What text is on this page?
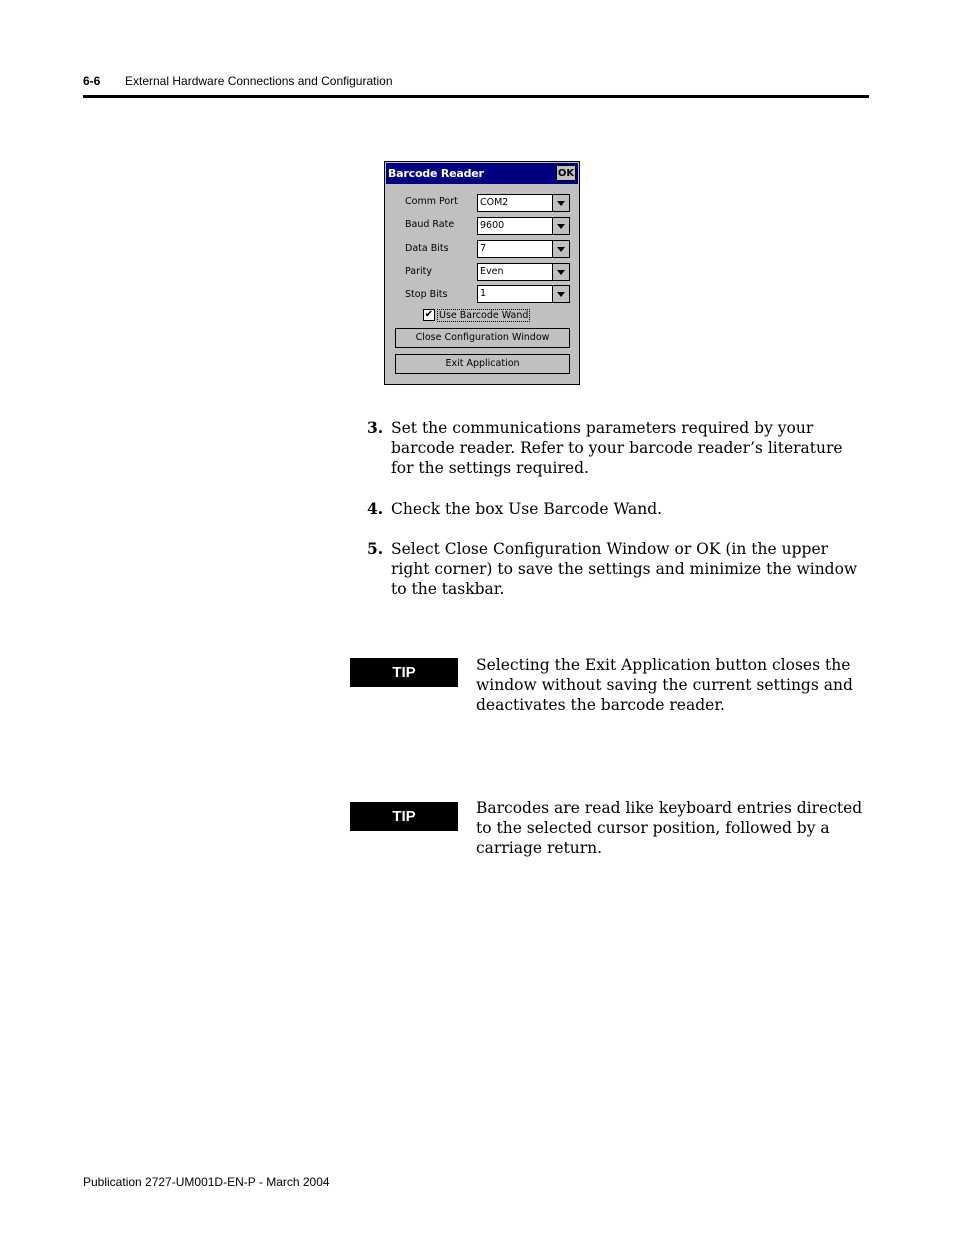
6-6 External Hardware Connections and Configuration
Barcode Reader	OK
Comm Port COM2
Baud Rate	9600
Data Bits	7
Parity	Even
Stop Bits	1
✔ Use Barcode Wand
Close Configuration Window
Exit Application
3. Set the communications parameters required by your barcode reader. Refer to your barcode reader’s literature for the settings required.
4. Check the box Use Barcode Wand.
5. Select Close Configuration Window or OK (in the upper right corner) to save the settings and minimize the window to the taskbar.
TIP	Selecting the Exit Application button closes the window without saving the current settings and deactivates the barcode reader.
TIP	Barcodes are read like keyboard entries directed to the selected cursor position, followed by a carriage return.
Publication 2727-UM001D-EN-P - March 2004
